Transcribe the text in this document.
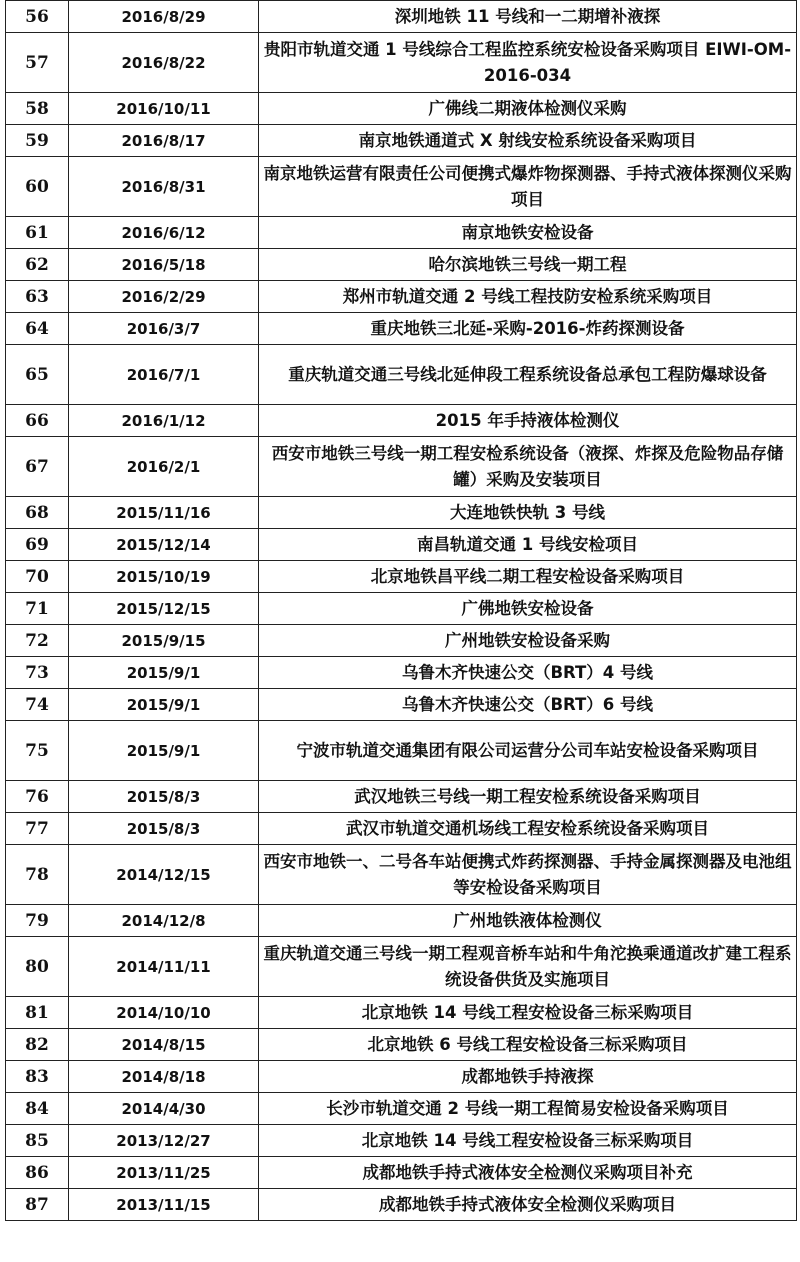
56	2016/8/29	深圳地铁 11 号线和一二期增补液探
57	2016/8/22	贵阳市轨道交通 1 号线综合工程监控系统安检设备采购项目 EIWI-OM-2016-034
58	2016/10/11	广佛线二期液体检测仪采购
59	2016/8/17	南京地铁通道式 X 射线安检系统设备采购项目
60	2016/8/31	南京地铁运营有限责任公司便携式爆炸物探测器、手持式液体探测仪采购项目
61	2016/6/12	南京地铁安检设备
62	2016/5/18	哈尔滨地铁三号线一期工程
63	2016/2/29	郑州市轨道交通 2 号线工程技防安检系统采购项目
64	2016/3/7	重庆地铁三北延-采购-2016-炸药探测设备
65	2016/7/1	重庆轨道交通三号线北延伸段工程系统设备总承包工程防爆球设备
66	2016/1/12	2015 年手持液体检测仪
67	2016/2/1	西安市地铁三号线一期工程安检系统设备（液探、炸探及危险物品存储罐）采购及安装项目
68	2015/11/16	大连地铁快轨 3 号线
69	2015/12/14	南昌轨道交通 1 号线安检项目
70	2015/10/19	北京地铁昌平线二期工程安检设备采购项目
71	2015/12/15	广佛地铁安检设备
72	2015/9/15	广州地铁安检设备采购
73	2015/9/1	乌鲁木齐快速公交（BRT）4 号线
74	2015/9/1	乌鲁木齐快速公交（BRT）6 号线
75	2015/9/1	宁波市轨道交通集团有限公司运营分公司车站安检设备采购项目
76	2015/8/3	武汉地铁三号线一期工程安检系统设备采购项目
77	2015/8/3	武汉市轨道交通机场线工程安检系统设备采购项目
78	2014/12/15	西安市地铁一、二号各车站便携式炸药探测器、手持金属探测器及电池组等安检设备采购项目
79	2014/12/8	广州地铁液体检测仪
80	2014/11/11	重庆轨道交通三号线一期工程观音桥车站和牛角沱换乘通道改扩建工程系统设备供货及实施项目
81	2014/10/10	北京地铁 14 号线工程安检设备三标采购项目
82	2014/8/15	北京地铁 6 号线工程安检设备三标采购项目
83	2014/8/18	成都地铁手持液探
84	2014/4/30	长沙市轨道交通 2 号线一期工程简易安检设备采购项目
85	2013/12/27	北京地铁 14 号线工程安检设备三标采购项目
86	2013/11/25	成都地铁手持式液体安全检测仪采购项目补充
87	2013/11/15	成都地铁手持式液体安全检测仪采购项目
